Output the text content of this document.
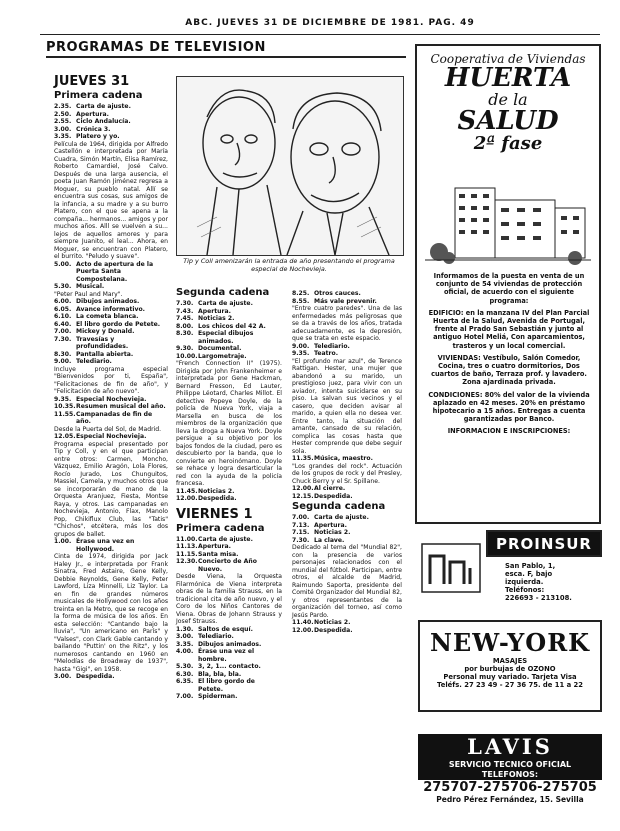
ABC. JUEVES 31 DE DICIEMBRE DE 1981. PAG. 49
PROGRAMAS DE TELEVISION

JUEVES 31

Primera cadena

2.35. Carta de ajuste.
2.50. Apertura.
2.55. Ciclo Andalucía.
3.00. Crónica 3.
3.35. Platero y yo.

Película de 1964, dirigida por Alfredo Castellón e interpretada por María Cuadra, Simón Martín, Elisa Ramírez, Roberto Camardiel, José Calvo. Después de una larga ausencia, el poeta Juan Ramón Jiménez regresa a Moguer, su pueblo natal. Allí se encuentra sus cosas, sus amigos de la infancia, a su madre y a su burro Platero, con el que se apena a la compaña... hermanos... amigos y por muchos años. Alll se vuelven a su... lejos de aquellos amores y para siempre Juanito, el leal... Ahora, en Moguer, se encuentran con Platero, el burrito. "Peludo y suave".

5.00. Acto de apertura de la Puerta Santa Compostelana.
5.30. Musical.

"Peter Paul and Mary".

6.00. Dibujos animados.
6.05. Avance informativo.
6.10. La cometa blanca.
6.40. El libro gordo de Petete.
7.00. Mickey y Donald.
7.30. Travesías y profundidades.
8.30. Pantalla abierta.
9.00. Telediario.

Incluye programa especial "Bienvenidos por ti, España", "Felicitaciones de fin de año", y "Felicitación de año nuevo".

9.35. Especial Nochevieja.
10.35. Resumen musical del año.
11.55. Campanadas de fin de año.

Desde la Puerta del Sol, de Madrid.

12.05. Especial Nochevieja.

Programa especial presentado por Tip y Coll, y en el que participan entre otros: Carmen, Moncho, Vázquez, Emilio Aragón, Lola Flores, Rocío Jurado, Los Chunguitos, Massiel, Camela, y muchos otros que se incorporarán de mano de la Orquesta Aranjuez, Fiesta, Montse Raya, y otros. Las campanadas en Nochevieja, Antonio, Flax, Manolo Pop, Chikiflux Club, las "Tatis" "Chichos", etcétera, más los dos grupos de ballet.

1.00. Érase una vez en Hollywood.

Cinta de 1974, dirigida por Jack Haley Jr., e interpretada por Frank Sinatra, Fred Astaire, Gene Kelly, Debbie Reynolds, Gene Kelly, Peter Lawford, Liza Minnelli, Liz Taylor. La en fin de grandes números musicales de Hollywood con los años treinta en la Metro, que se recoge en la forma de música de los años. En esta selección: "Cantando bajo la lluvia", "Un americano en París" y "Valses", con Clark Gable cantando y bailando "Puttin' on the Ritz", y los numerosos cantando en 1960 en "Melodías de Broadway de 1937", hasta "Gigi", en 1958.

3.00. Despedida.
Tip y Coll amenizarán la entrada de año presentando el programa especial de Nochevieja.

Segunda cadena

7.30. Carta de ajuste.
7.43. Apertura.
7.45. Noticias 2.
8.00. Los chicos del 42 A.
8.30. Especial dibujos animados.
9.30. Documental.
10.00. Largometraje.

"French Connection II" (1975). Dirigida por John Frankenheimer e interpretada por Gene Hackman, Bernard Fresson, Ed Lauter, Philippe Léotard, Charles Millot. El detective Popeye Doyle, de la policía de Nueva York, viaja a Marsella en busca de los miembros de la organización que lleva la droga a Nueva York. Doyle persigue a su objetivo por los bajos fondos de la ciudad, pero es descubierto por la banda, que lo convierte en heroinómano. Doyle se rehace y logra desarticular la red con la ayuda de la policía francesa.

11.45. Noticias 2.
12.00. Despedida.

VIERNES 1

Primera cadena

11.00. Carta de ajuste.
11.13. Apertura.
11.15. Santa misa.
12.30. Concierto de Año Nuevo.

Desde Viena, la Orquesta Filarmónica de Viena interpreta obras de la familia Strauss, en la tradicional cita de año nuevo, y el Coro de los Niños Cantores de Viena. Obras de Johann Strauss y Josef Strauss.

1.30. Saltos de esquí.
3.00. Telediario.
3.35. Dibujos animados.
4.00. Érase una vez el hombre.
5.30. 3, 2, 1... contacto.
6.30. Bla, bla, bla.
6.35. El libro gordo de Petete.
7.00. Spiderman.
8.25. Otros cauces.
8.55. Más vale prevenir.

"Entre cuatro paredes". Una de las enfermedades más peligrosas que se da a través de los años, tratada adecuadamente, es la depresión, que se trata en este espacio.

9.00. Telediario.
9.35. Teatro.

"El profundo mar azul", de Terence Rattigan. Hester, una mujer que abandonó a su marido, un prestigioso juez, para vivir con un aviador, intenta suicidarse en su piso. La salvan sus vecinos y el casero, que deciden avisar al marido, a quien ella no desea ver. Entre tanto, la situación del amante, cansado de su relación, complica las cosas hasta que Hester comprende que debe seguir sola.

11.35. Música, maestro.

"Los grandes del rock". Actuación de los grupos de rock y del Presley, Chuck Berry y el Sr. Spillane.

12.00. Al cierre.
12.15. Despedida.

Segunda cadena

7.00. Carta de ajuste.
7.13. Apertura.
7.15. Noticias 2.
7.30. La clave.

Dedicado al tema del "Mundial 82", con la presencia de varios personajes relacionados con el mundial del fútbol. Participan, entre otros, el alcalde de Madrid, Raimundo Saporta, presidente del Comité Organizador del Mundial 82, y otros representantes de la organización del torneo, así como Jesús Pardo.

11.40. Noticias 2.
12.00. Despedida.
Cooperativa de Viviendas
HUERTA
de la
SALUD
2ª fase

Informamos de la puesta en venta de un conjunto de 54 viviendas de protección oficial, de acuerdo con el siguiente programa:

EDIFICIO: en la manzana IV del Plan Parcial Huerta de la Salud, Avenida de Portugal, frente al Prado San Sebastián y junto al antiguo Hotel Meliá, Con aparcamientos, trasteros y un local comercial.

VIVIENDAS: Vestíbulo, Salón Comedor, Cocina, tres o cuatro dormitorios, Dos cuartos de baño, Terraza prof. y lavadero. Zona ajardinada privada.

CONDICIONES: 80% del valor de la vivienda aplazado en 42 meses. 20% en préstamo hipotecario a 15 años. Entregas a cuenta garantizadas por Banco.

INFORMACION E INSCRIPCIONES:

PROINSUR
San Pablo, 1,
esca. F, bajo
izquierda.
Teléfonos:
226693 - 213108.
NEW-YORK
MASAJES
por burbujas de OZONO
Personal muy variado. Tarjeta Visa
Teléfs. 27 23 49 - 27 36 75. de 11 a 22
LAVIS
SERVICIO TECNICO OFICIAL
TELEFONOS:
275707-275706-275705
Pedro Pérez Fernández, 15. Sevilla
